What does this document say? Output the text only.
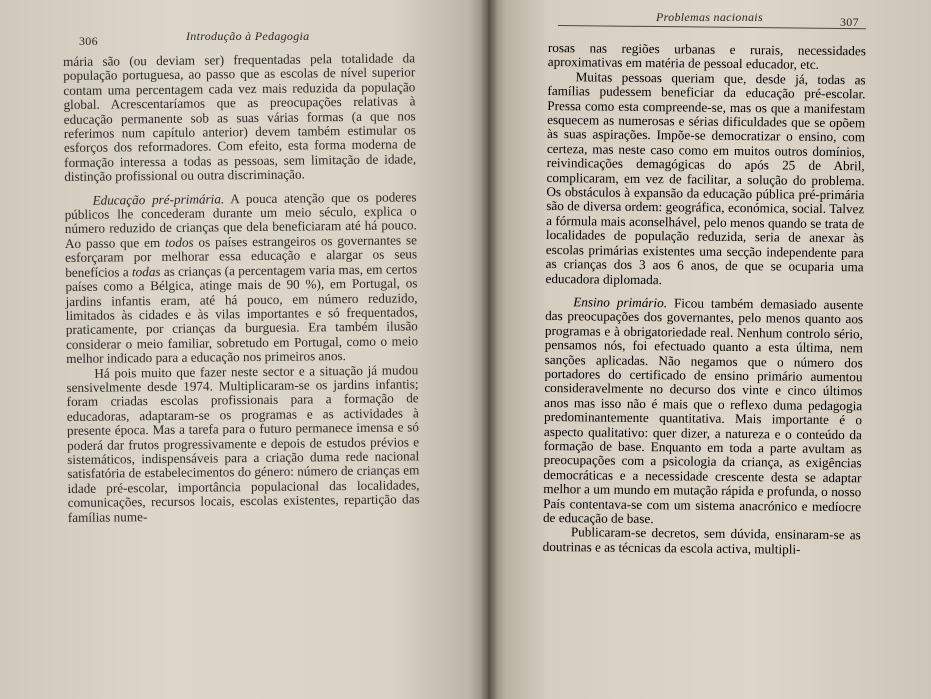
306	Introdução à Pedagogia

mária são (ou deviam ser) frequentadas pela totalidade da população portuguesa, ao passo que as escolas de nível superior contam uma percentagem cada vez mais reduzida da população global. Acrescentaríamos que as preocupações relativas à educação permanente sob as suas várias formas (a que nos referimos num capítulo anterior) devem também estimular os esforços dos reformadores. Com efeito, esta forma moderna de formação interessa a todas as pessoas, sem limitação de idade, distinção profissional ou outra discriminação.

Educação pré-primária. A pouca atenção que os poderes públicos lhe concederam durante um meio século, explica o número reduzido de crianças que dela beneficiaram até há pouco. Ao passo que em todos os países estrangeiros os governantes se esforçaram por melhorar essa educação e alargar os seus benefícios a todas as crianças (a percentagem varia mas, em certos países como a Bélgica, atinge mais de 90 %), em Portugal, os jardins infantis eram, até há pouco, em número reduzido, limitados às cidades e às vilas importantes e só frequentados, praticamente, por crianças da burguesia. Era também ilusão considerar o meio familiar, sobretudo em Portugal, como o meio melhor indicado para a educação nos primeiros anos.

Há pois muito que fazer neste sector e a situação já mudou sensivelmente desde 1974. Multiplicaram-se os jardins infantis; foram criadas escolas profissionais para a formação de educadoras, adaptaram-se os programas e as actividades à presente época. Mas a tarefa para o futuro permanece imensa e só poderá dar frutos progressivamente e depois de estudos prévios e sistemáticos, indispensáveis para a criação duma rede nacional satisfatória de estabelecimentos do género: número de crianças em idade pré-escolar, importância populacional das localidades, comunicações, recursos locais, escolas existentes, repartição das famílias nume-

Problemas nacionais	307

rosas nas regiões urbanas e rurais, necessidades aproximativas em matéria de pessoal educador, etc.

Muitas pessoas queriam que, desde já, todas as famílias pudessem beneficiar da educação pré-escolar. Pressa como esta compreende-se, mas os que a manifestam esquecem as numerosas e sérias dificuldades que se opõem às suas aspirações. Impõe-se democratizar o ensino, com certeza, mas neste caso como em muitos outros domínios, reivindicações demagógicas do após 25 de Abril, complicaram, em vez de facilitar, a solução do problema. Os obstáculos à expansão da educação pública pré-primária são de diversa ordem: geográfica, económica, social. Talvez a fórmula mais aconselhável, pelo menos quando se trata de localidades de população reduzida, seria de anexar às escolas primárias existentes uma secção independente para as crianças dos 3 aos 6 anos, de que se ocuparia uma educadora diplomada.

Ensino primário. Ficou também demasiado ausente das preocupações dos governantes, pelo menos quanto aos programas e à obrigatoriedade real. Nenhum controlo sério, pensamos nós, foi efectuado quanto a esta última, nem sanções aplicadas. Não negamos que o número dos portadores do certificado de ensino primário aumentou consideravelmente no decurso dos vinte e cinco últimos anos mas isso não é mais que o reflexo duma pedagogia predominantemente quantitativa. Mais importante é o aspecto qualitativo: quer dizer, a natureza e o conteúdo da formação de base. Enquanto em toda a parte avultam as preocupações com a psicologia da criança, as exigências democráticas e a necessidade crescente desta se adaptar melhor a um mundo em mutação rápida e profunda, o nosso País contentava-se com um sistema anacrónico e medíocre de educação de base.

Publicaram-se decretos, sem dúvida, ensinaram-se as doutrinas e as técnicas da escola activa, multipli-
